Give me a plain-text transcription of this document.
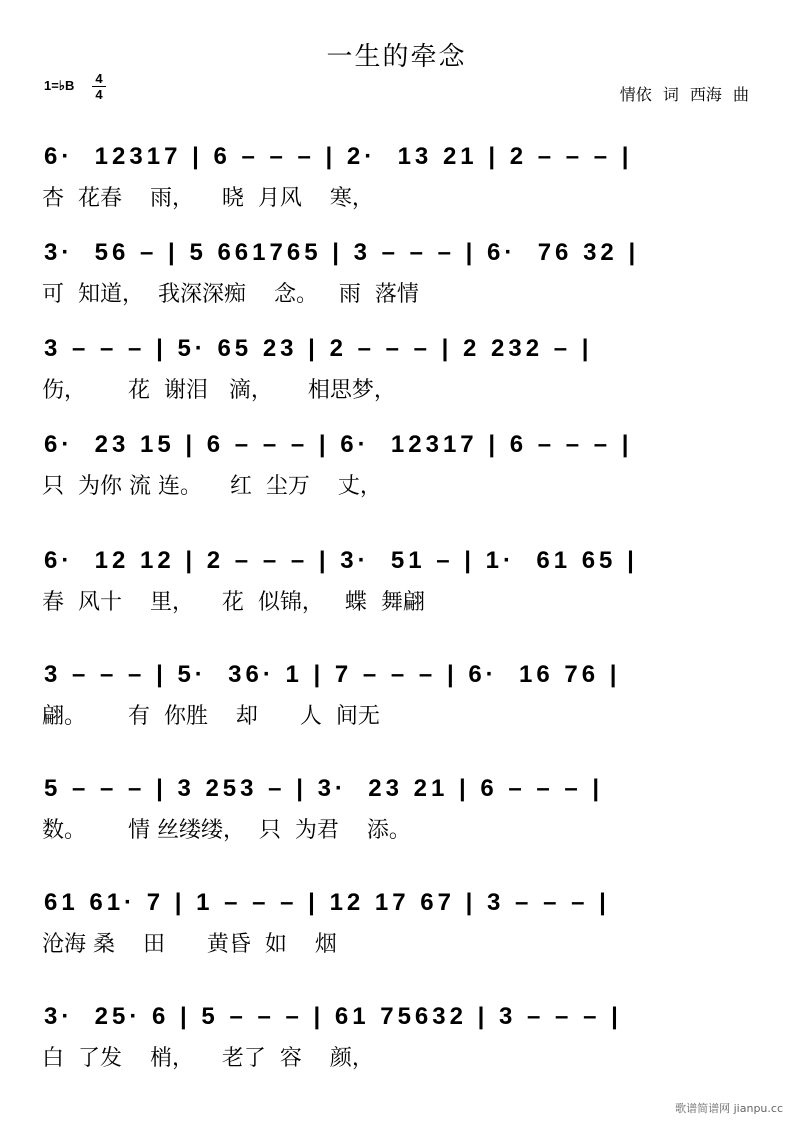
一生的牵念
1=♭B 4
4	情依 词 西海 曲
6·  12317 | 6 – – – | 2·  13 21 | 2 – – – |
杏  花春    雨，    晓  月风    寒，
3·  56 – | 5 661765 | 3 – – – | 6·  76 32 |
可  知道，  我深深痴    念。   雨  落情
3 – – – | 5· 65 23 | 2 – – – | 2 232 – |
伤，      花  谢泪   滴，     相思梦，
6·  23 15 | 6 – – – | 6·  12317 | 6 – – – |
只  为你 流 连。    红  尘万    丈，
6·  12 12 | 2 – – – | 3·  51 – | 1·  61 65 |
春  风十    里，    花  似锦，   蝶  舞翩
3 – – – | 5·  36· 1 | 7 – – – | 6·  16 76 |
翩。      有  你胜    却      人  间无
5 – – – | 3 253 – | 3·  23 21 | 6 – – – |
数。      情 丝缕缕，  只  为君    添。
61 61· 7 | 1 – – – | 12 17 67 | 3 – – – |
沧海 桑    田      黄昏  如    烟
3·  25· 6 | 5 – – – | 61 75632 | 3 – – – |
白  了发    梢，    老了  容    颜，
歌谱简谱网 jianpu.cc
